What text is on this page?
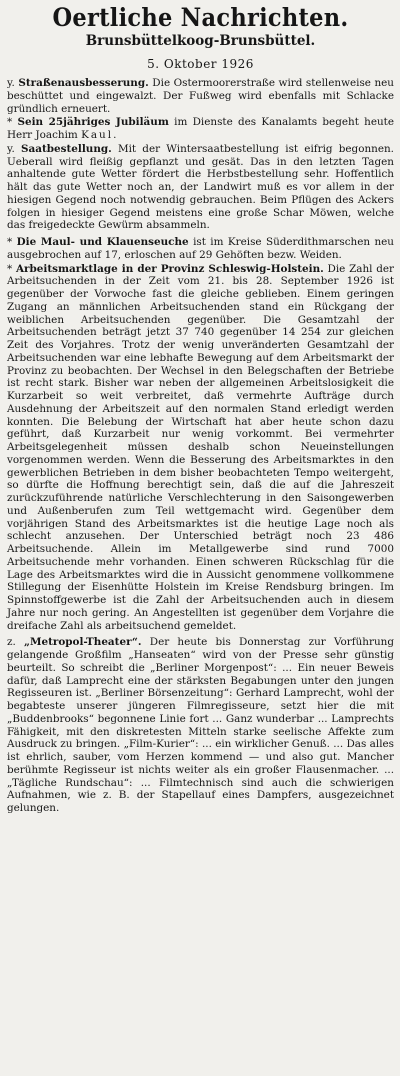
Oertliche Nachrichten.
Brunsbüttelkoog-Brunsbüttel.
5. Oktober 1926

y. Straßenausbesserung. Die Ostermoorerstraße wird stellenweise neu beschüttet und eingewalzt. Der Fußweg wird ebenfalls mit Schlacke gründlich erneuert.

* Sein 25jähriges Jubiläum im Dienste des Kanalamts begeht heute Herr Joachim Kaul.

y. Saatbestellung. Mit der Wintersaatbestellung ist eifrig begonnen. Ueberall wird fleißig gepflanzt und gesät. Das in den letzten Tagen anhaltende gute Wetter fördert die Herbstbestellung sehr. Hoffentlich hält das gute Wetter noch an, der Landwirt muß es vor allem in der hiesigen Gegend noch notwendig gebrauchen. Beim Pflügen des Ackers folgen in hiesiger Gegend meistens eine große Schar Möwen, welche das freigedeckte Gewürm absammeln.

* Die Maul- und Klauenseuche ist im Kreise Süderdithmarschen neu ausgebrochen auf 17, erloschen auf 29 Gehöften bezw. Weiden.

* Arbeitsmarktlage in der Provinz Schleswig-Holstein. Die Zahl der Arbeitsuchenden in der Zeit vom 21. bis 28. September 1926 ist gegenüber der Vorwoche fast die gleiche geblieben. Einem geringen Zugang an männlichen Arbeitsuchenden stand ein Rückgang der weiblichen Arbeitsuchenden gegenüber. Die Gesamtzahl der Arbeitsuchenden beträgt jetzt 37 740 gegenüber 14 254 zur gleichen Zeit des Vorjahres. Trotz der wenig unveränderten Gesamtzahl der Arbeitsuchenden war eine lebhafte Bewegung auf dem Arbeitsmarkt der Provinz zu beobachten. Der Wechsel in den Belegschaften der Betriebe ist recht stark. Bisher war neben der allgemeinen Arbeitslosigkeit die Kurzarbeit so weit verbreitet, daß vermehrte Aufträge durch Ausdehnung der Arbeitszeit auf den normalen Stand erledigt werden konnten. Die Belebung der Wirtschaft hat aber heute schon dazu geführt, daß Kurzarbeit nur wenig vorkommt. Bei vermehrter Arbeitsgelegenheit müssen deshalb schon Neueinstellungen vorgenommen werden. Wenn die Besserung des Arbeitsmarktes in den gewerblichen Betrieben in dem bisher beobachteten Tempo weitergeht, so dürfte die Hoffnung berechtigt sein, daß die auf die Jahreszeit zurückzuführende natürliche Verschlechterung in den Saisongewerben und Außenberufen zum Teil wettgemacht wird. Gegenüber dem vorjährigen Stand des Arbeitsmarktes ist die heutige Lage noch als schlecht anzusehen. Der Unterschied beträgt noch 23 486 Arbeitsuchende. Allein im Metallgewerbe sind rund 7000 Arbeitsuchende mehr vorhanden. Einen schweren Rückschlag für die Lage des Arbeitsmarktes wird die in Aussicht genommene vollkommene Stillegung der Eisenhütte Holstein im Kreise Rendsburg bringen. Im Spinnstoffgewerbe ist die Zahl der Arbeitsuchenden auch in diesem Jahre nur noch gering. An Angestellten ist gegenüber dem Vorjahre die dreifache Zahl als arbeitsuchend gemeldet.

z. „Metropol-Theater“. Der heute bis Donnerstag zur Vorführung gelangende Großfilm „Hanseaten“ wird von der Presse sehr günstig beurteilt. So schreibt die „Berliner Morgenpost“: ... Ein neuer Beweis dafür, daß Lamprecht eine der stärksten Begabungen unter den jungen Regisseuren ist. „Berliner Börsenzeitung“: Gerhard Lamprecht, wohl der begabteste unserer jüngeren Filmregisseure, setzt hier die mit „Buddenbrooks“ begonnene Linie fort ... Ganz wunderbar ... Lamprechts Fähigkeit, mit den diskretesten Mitteln starke seelische Affekte zum Ausdruck zu bringen. „Film-Kurier“: ... ein wirklicher Genuß. ... Das alles ist ehrlich, sauber, vom Herzen kommend — und also gut. Mancher berühmte Regisseur ist nichts weiter als ein großer Flausenmacher. ... „Tägliche Rundschau“: ... Filmtechnisch sind auch die schwierigen Aufnahmen, wie z. B. der Stapellauf eines Dampfers, ausgezeichnet gelungen.
